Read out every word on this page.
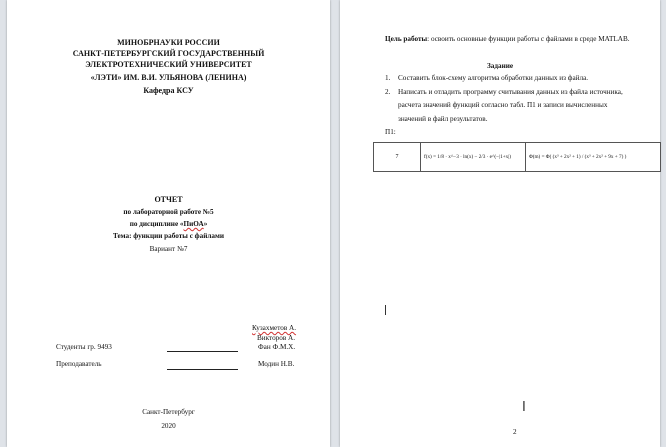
МИНОБРНАУКИ РОССИИ
САНКТ-ПЕТЕРБУРГСКИЙ ГОСУДАРСТВЕННЫЙ
ЭЛЕКТРОТЕХНИЧЕСКИЙ УНИВЕРСИТЕТ
«ЛЭТИ» ИМ. В.И. УЛЬЯНОВА (ЛЕНИНА)
Кафедра КСУ
ОТЧЕТ
по лабораторной работе №5
по дисциплине «ПиОА»
Тема: функции работы с файлами
Вариант №7
Кузахметов А.
Викторов А.
Студенты гр. 9493	Фан Ф.М.Х.
Преподаватель	Модин Н.В.
Санкт-Петербург
2020
Цель работы: освоить основные функции работы с файлами в среде MATLAB.
Задание
1. Составить блок-схему алгоритма обработки данных из файла.
2. Написать и отладить программу считывания данных из файла источника,
расчета значений функций согласно табл. П1 и записи вычисленных
значений в файл результатов.
П1:
7	f(x) = 1/8 · x^−3 · ln(x) − 2/3 · e^(−|1+x|)	Φ(m) = Φ( (x³ + 2x² + 1) / (x³ + 2x² + 9x + 7) )
I
2
